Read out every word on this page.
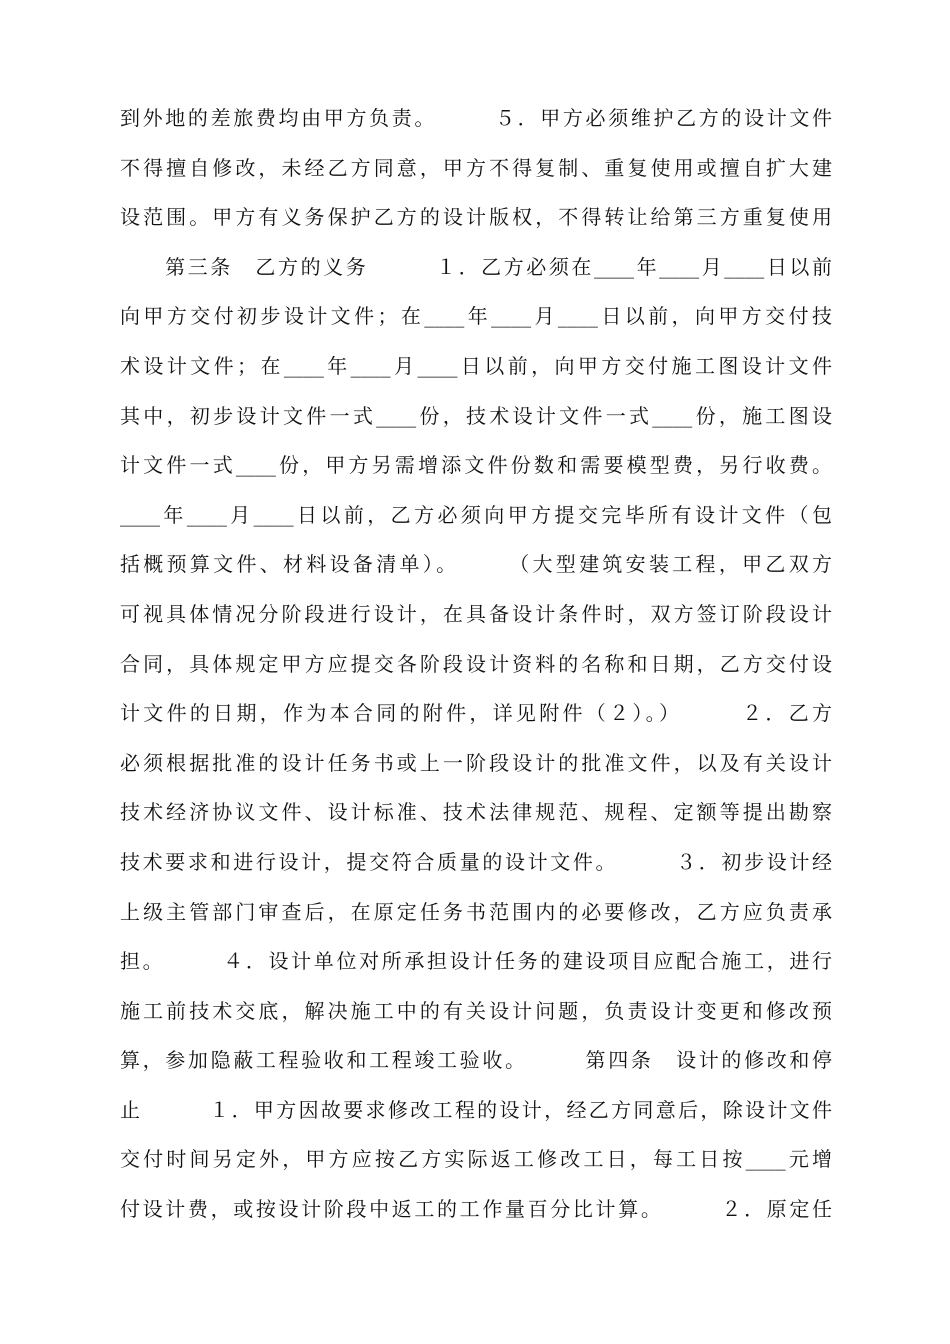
到外地的差旅费均由甲方负责。　　　５．甲方必须维护乙方的设计文件
不得擅自修改，未经乙方同意，甲方不得复制、重复使用或擅自扩大建
设范围。甲方有义务保护乙方的设计版权，不得转让给第三方重复使用
　　第三条　乙方的义务　　　１．乙方必须在____年____月____日以前
向甲方交付初步设计文件；在____年____月____日以前，向甲方交付技
术设计文件；在____年____月____日以前，向甲方交付施工图设计文件
其中，初步设计文件一式____份，技术设计文件一式____份，施工图设
计文件一式____份，甲方另需增添文件份数和需要模型费，另行收费。
____年____月____日以前，乙方必须向甲方提交完毕所有设计文件（包
括概预算文件、材料设备清单）。　　　（大型建筑安装工程，甲乙双方
可视具体情况分阶段进行设计，在具备设计条件时，双方签订阶段设计
合同，具体规定甲方应提交各阶段设计资料的名称和日期，乙方交付设
计文件的日期，作为本合同的附件，详见附件（２）。）　　　２．乙方
必须根据批准的设计任务书或上一阶段设计的批准文件，以及有关设计
技术经济协议文件、设计标准、技术法律规范、规程、定额等提出勘察
技术要求和进行设计，提交符合质量的设计文件。　　　３．初步设计经
上级主管部门审查后，在原定任务书范围内的必要修改，乙方应负责承
担。　　　４．设计单位对所承担设计任务的建设项目应配合施工，进行
施工前技术交底，解决施工中的有关设计问题，负责设计变更和修改预
算，参加隐蔽工程验收和工程竣工验收。　　　第四条　设计的修改和停
止　　　１．甲方因故要求修改工程的设计，经乙方同意后，除设计文件
交付时间另定外，甲方应按乙方实际返工修改工日，每工日按____元增
付设计费，或按设计阶段中返工的工作量百分比计算。　　　２．原定任
